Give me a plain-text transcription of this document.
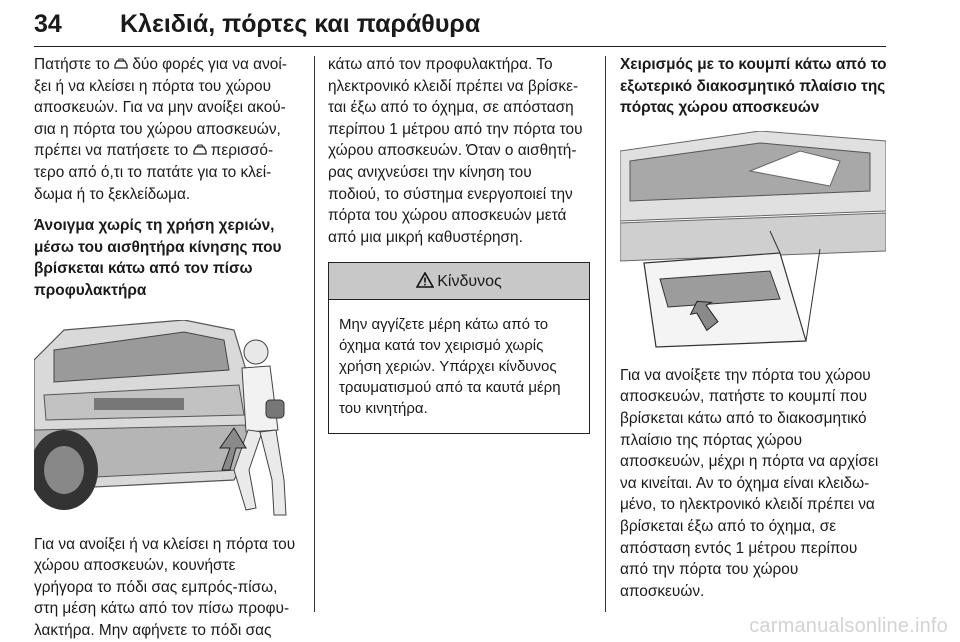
34 Κλειδιά, πόρτες και παράθυρα

Πατήστε το  δύο φορές για να ανοί-
ξει ή να κλείσει η πόρτα του χώρου
αποσκευών. Για να μην ανοίξει ακού-
σια η πόρτα του χώρου αποσκευών,
πρέπει να πατήσετε το  περισσό-
τερο από ό,τι το πατάτε για το κλεί-
δωμα ή το ξεκλείδωμα.

Άνοιγμα χωρίς τη χρήση χεριών,
μέσω του αισθητήρα κίνησης που
βρίσκεται κάτω από τον πίσω
προφυλακτήρα

Για να ανοίξει ή να κλείσει η πόρτα του
χώρου αποσκευών, κουνήστε
γρήγορα το πόδι σας εμπρός-πίσω,
στη μέση κάτω από τον πίσω προφυ-
λακτήρα. Μην αφήνετε το πόδι σας

κάτω από τον προφυλακτήρα. Το
ηλεκτρονικό κλειδί πρέπει να βρίσκε-
ται έξω από το όχημα, σε απόσταση
περίπου 1 μέτρου από την πόρτα του
χώρου αποσκευών. Όταν ο αισθητή-
ρας ανιχνεύσει την κίνηση του
ποδιού, το σύστημα ενεργοποιεί την
πόρτα του χώρου αποσκευών μετά
από μια μικρή καθυστέρηση.

Κίνδυνος

Μην αγγίζετε μέρη κάτω από το
όχημα κατά τον χειρισμό χωρίς
χρήση χεριών. Υπάρχει κίνδυνος
τραυματισμού από τα καυτά μέρη
του κινητήρα.

Χειρισμός με το κουμπί κάτω από το
εξωτερικό διακοσμητικό πλαίσιο της
πόρτας χώρου αποσκευών

Για να ανοίξετε την πόρτα του χώρου
αποσκευών, πατήστε το κουμπί που
βρίσκεται κάτω από το διακοσμητικό
πλαίσιο της πόρτας χώρου
αποσκευών, μέχρι η πόρτα να αρχίσει
να κινείται. Αν το όχημα είναι κλειδω-
μένο, το ηλεκτρονικό κλειδί πρέπει να
βρίσκεται έξω από το όχημα, σε
απόσταση εντός 1 μέτρου περίπου
από την πόρτα του χώρου
αποσκευών.

carmanualsonline.info
